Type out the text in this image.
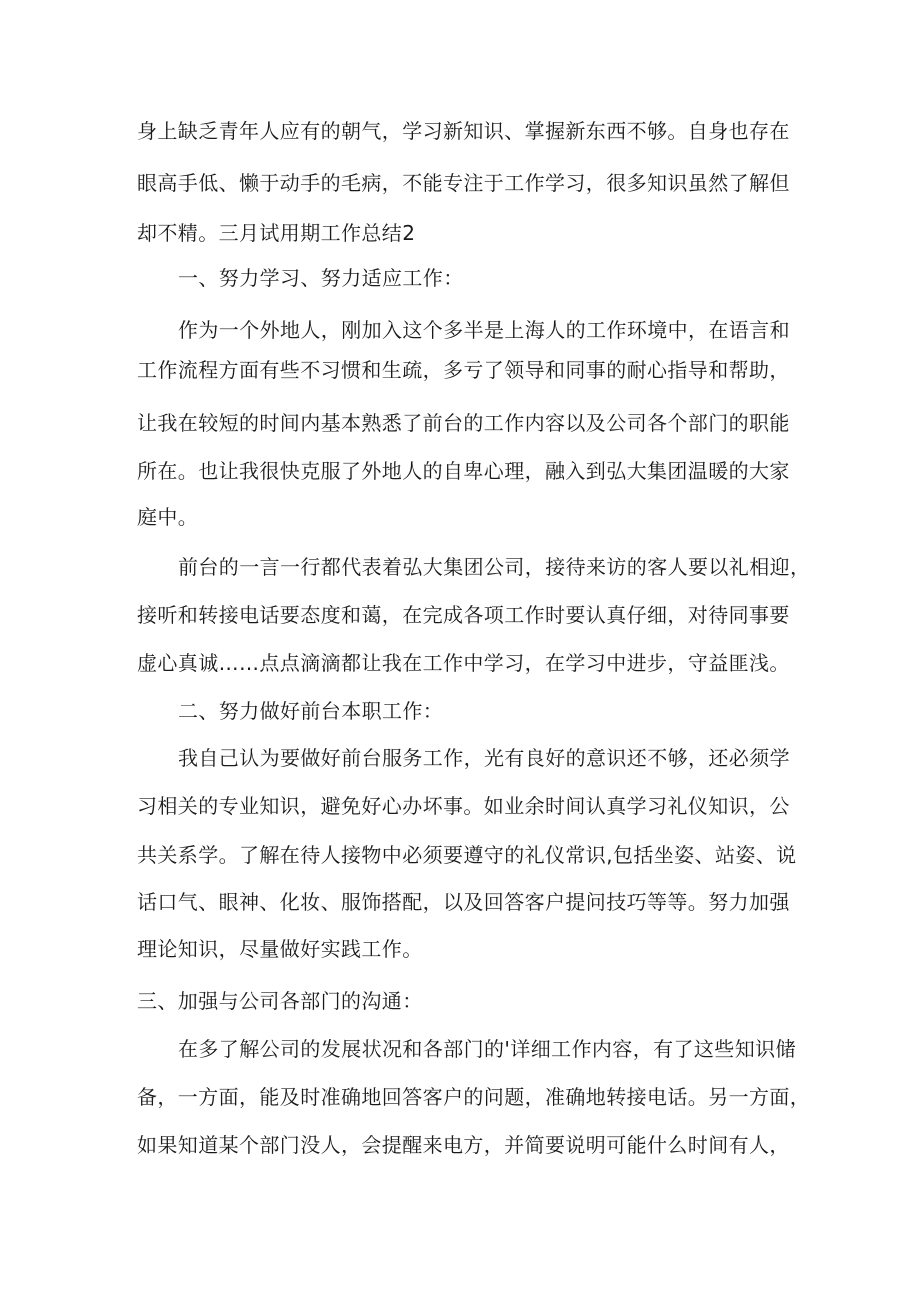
身上缺乏青年人应有的朝气，学习新知识、掌握新东西不够。自身也存在
眼高手低、懒于动手的毛病，不能专注于工作学习，很多知识虽然了解但
却不精。三月试用期工作总结2
一、努力学习、努力适应工作：
作为一个外地人，刚加入这个多半是上海人的工作环境中，在语言和
工作流程方面有些不习惯和生疏，多亏了领导和同事的耐心指导和帮助，
让我在较短的时间内基本熟悉了前台的工作内容以及公司各个部门的职能
所在。也让我很快克服了外地人的自卑心理，融入到弘大集团温暖的大家
庭中。
前台的一言一行都代表着弘大集团公司，接待来访的客人要以礼相迎，
接听和转接电话要态度和蔼，在完成各项工作时要认真仔细，对待同事要
虚心真诚……点点滴滴都让我在工作中学习，在学习中进步，守益匪浅。
二、努力做好前台本职工作：
我自己认为要做好前台服务工作，光有良好的意识还不够，还必须学
习相关的专业知识，避免好心办坏事。如业余时间认真学习礼仪知识，公
共关系学。了解在待人接物中必须要遵守的礼仪常识,包括坐姿、站姿、说
话口气、眼神、化妆、服饰搭配，以及回答客户提问技巧等等。努力加强
理论知识，尽量做好实践工作。
三、加强与公司各部门的沟通：
在多了解公司的发展状况和各部门的'详细工作内容，有了这些知识储
备，一方面，能及时准确地回答客户的问题，准确地转接电话。另一方面，
如果知道某个部门没人，会提醒来电方，并简要说明可能什么时间有人，
